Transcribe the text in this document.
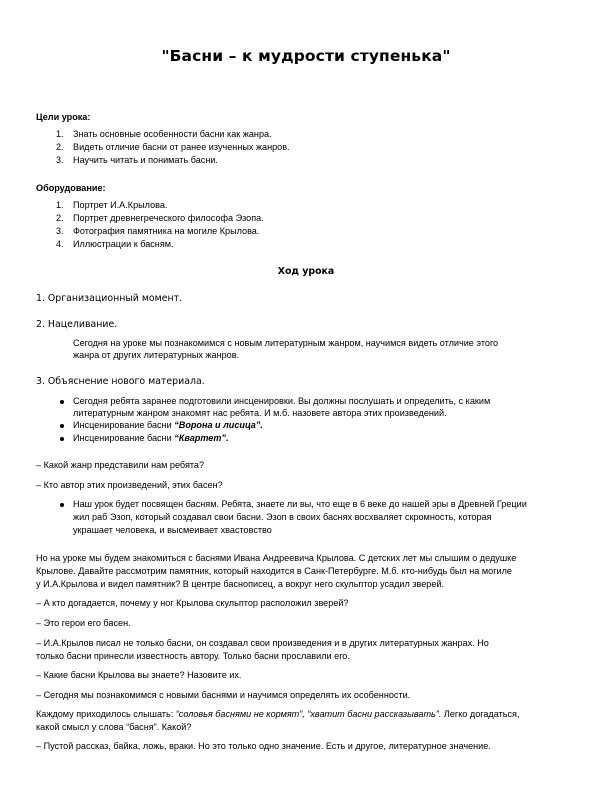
"Басни – к мудрости ступенька"
Цели урока:
1. Знать основные особенности басни как жанра.
2. Видеть отличие басни от ранее изученных жанров.
3. Научить читать и понимать басни.
Оборудование:
1. Портрет И.А.Крылова.
2. Портрет древнегреческого философа Эзопа.
3. Фотография памятника на могиле Крылова.
4. Иллюстрации к басням.
Ход урока
1. Организационный момент.
2. Нацеливание.
Сегодня на уроке мы познакомимся с новым литературным жанром, научимся видеть отличие этого
жанра от других литературных жанров.
3. Объяснение нового материала.
Сегодня ребята заранее подготовили инсценировки. Вы должны послушать и определить, с каким
литературным жанром знакомят нас ребята. И м.б. назовете автора этих произведений.
Инсценирование басни “Ворона и лисица”.
Инсценирование басни “Квартет”.
– Какой жанр представили нам ребята?
– Кто автор этих произведений, этих басен?
Наш урок будет посвящен басням. Ребята, знаете ли вы, что еще в 6 веке до нашей эры в Древней Греции
жил раб Эзоп, который создавал свои басни. Эзоп в своих баснях восхваляет скромность, которая
украшает человека, и высмеивает хвастовство
Но на уроке мы будем знакомиться с баснями Ивана Андреевича Крылова. С детских лет мы слышим о дедушке
Крылове. Давайте рассмотрим памятник, который находится в Санк-Петербурге. М.б. кто-нибудь был на могиле
у И.А.Крылова и видел памятник? В центре баснописец, а вокруг него скульптор усадил зверей.
– А кто догадается, почему у ног Крылова скульптор расположил зверей?
– Это герои его басен.
– И.А.Крылов писал не только басни, он создавал свои произведения и в других литературных жанрах. Но
только басни принесли известность автору. Только басни прославили его.
– Какие басни Крылова вы знаете? Назовите их.
– Сегодня мы познакомимся с новыми баснями и научимся определять их особенности.
Каждому приходилось слышать: “соловья баснями не кормят”, “хватит басни рассказывать”. Легко догадаться,
какой смысл у слова “басня”. Какой?
– Пустой рассказ, байка, ложь, враки. Но это только одно значение. Есть и другое, литературное значение.
